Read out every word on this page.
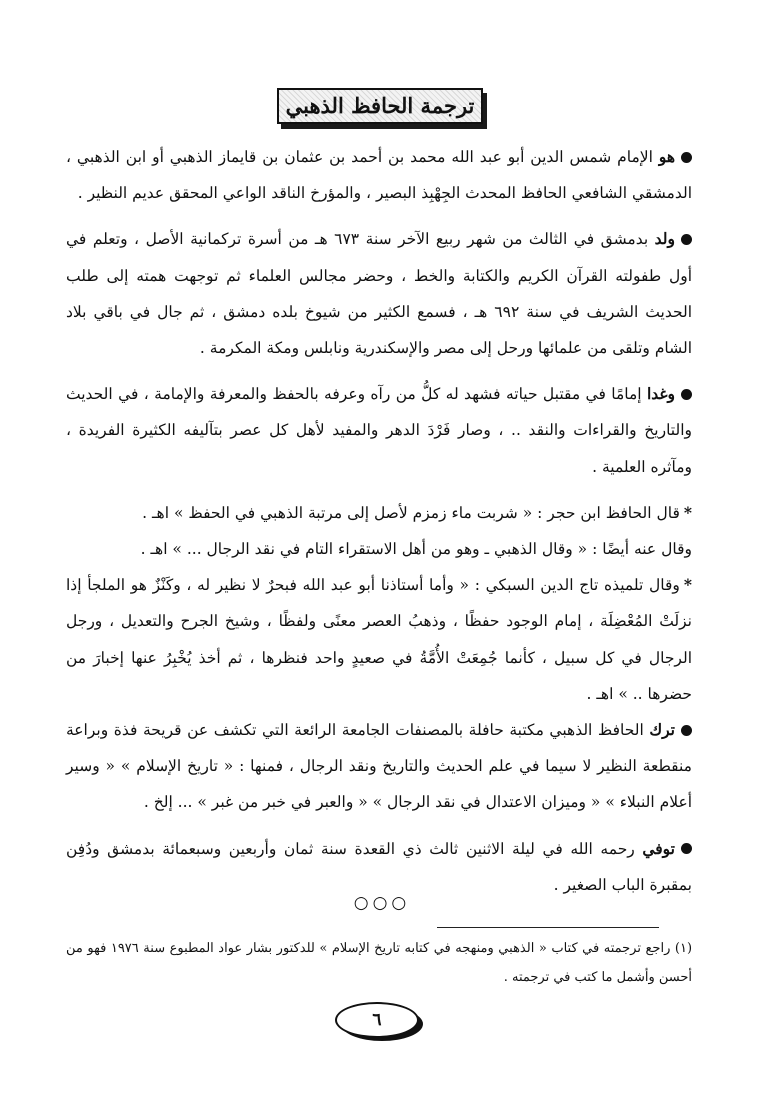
ترجمة الحافظ الذهبي

هو الإمام شمس الدين أبو عبد الله محمد بن أحمد بن عثمان بن قايماز الذهبي أو ابن الذهبي ، الدمشقي الشافعي الحافظ المحدث الجِهْبِذ البصير ، والمؤرخ الناقد الواعي المحقق عديم النظير .

ولد بدمشق في الثالث من شهر ربيع الآخر سنة ٦٧٣ هـ من أسرة تركمانية الأصل ، وتعلم في أول طفولته القرآن الكريم والكتابة والخط ، وحضر مجالس العلماء ثم توجهت همته إلى طلب الحديث الشريف في سنة ٦٩٢ هـ ، فسمع الكثير من شيوخ بلده دمشق ، ثم جال في باقي بلاد الشام وتلقى من علمائها ورحل إلى مصر والإسكندرية ونابلس ومكة المكرمة .

وغدا إمامًا في مقتبل حياته فشهد له كلُّ من رآه وعرفه بالحفظ والمعرفة والإمامة ، في الحديث والتاريخ والقراءات والنقد .. ، وصار فَرْدَ الدهر والمفيد لأهل كل عصر بتآليفه الكثيرة الفريدة ، ومآثره العلمية .

*قال الحافظ ابن حجر : « شربت ماء زمزم لأصل إلى مرتبة الذهبي في الحفظ » اهـ .

وقال عنه أيضًا : « وقال الذهبي ـ وهو من أهل الاستقراء التام في نقد الرجال ... » اهـ .

*وقال تلميذه تاج الدين السبكي : « وأما أستاذنا أبو عبد الله فبحرٌ لا نظير له ، وكَنْزٌ هو الملجأ إذا نزلَتْ المُعْضِلَة ، إمام الوجود حفظًا ، وذهبُ العصر معنًى ولفظًا ، وشيخ الجرح والتعديل ، ورجل الرجال في كل سبيل ، كأنما جُمِعَتْ الأُمَّةُ في صعيدٍ واحد فنظرها ، ثم أخذ يُخْبِرُ عنها إخبارَ من حضرها .. » اهـ .

ترك الحافظ الذهبي مكتبة حافلة بالمصنفات الجامعة الرائعة التي تكشف عن قريحة فذة وبراعة منقطعة النظير لا سيما في علم الحديث والتاريخ ونقد الرجال ، فمنها : « تاريخ الإسلام » « وسير أعلام النبلاء » « وميزان الاعتدال في نقد الرجال » « والعبر في خبر من غبر » ... إلخ .

توفي رحمه الله في ليلة الاثنين ثالث ذي القعدة سنة ثمان وأربعين وسبعمائة بدمشق ودُفِن بمقبرة الباب الصغير .

○○○

(١) راجع ترجمته في كتاب « الذهبي ومنهجه في كتابه تاريخ الإسلام » للدكتور بشار عواد المطبوع سنة ١٩٧٦ فهو من أحسن وأشمل ما كتب في ترجمته .

٦
